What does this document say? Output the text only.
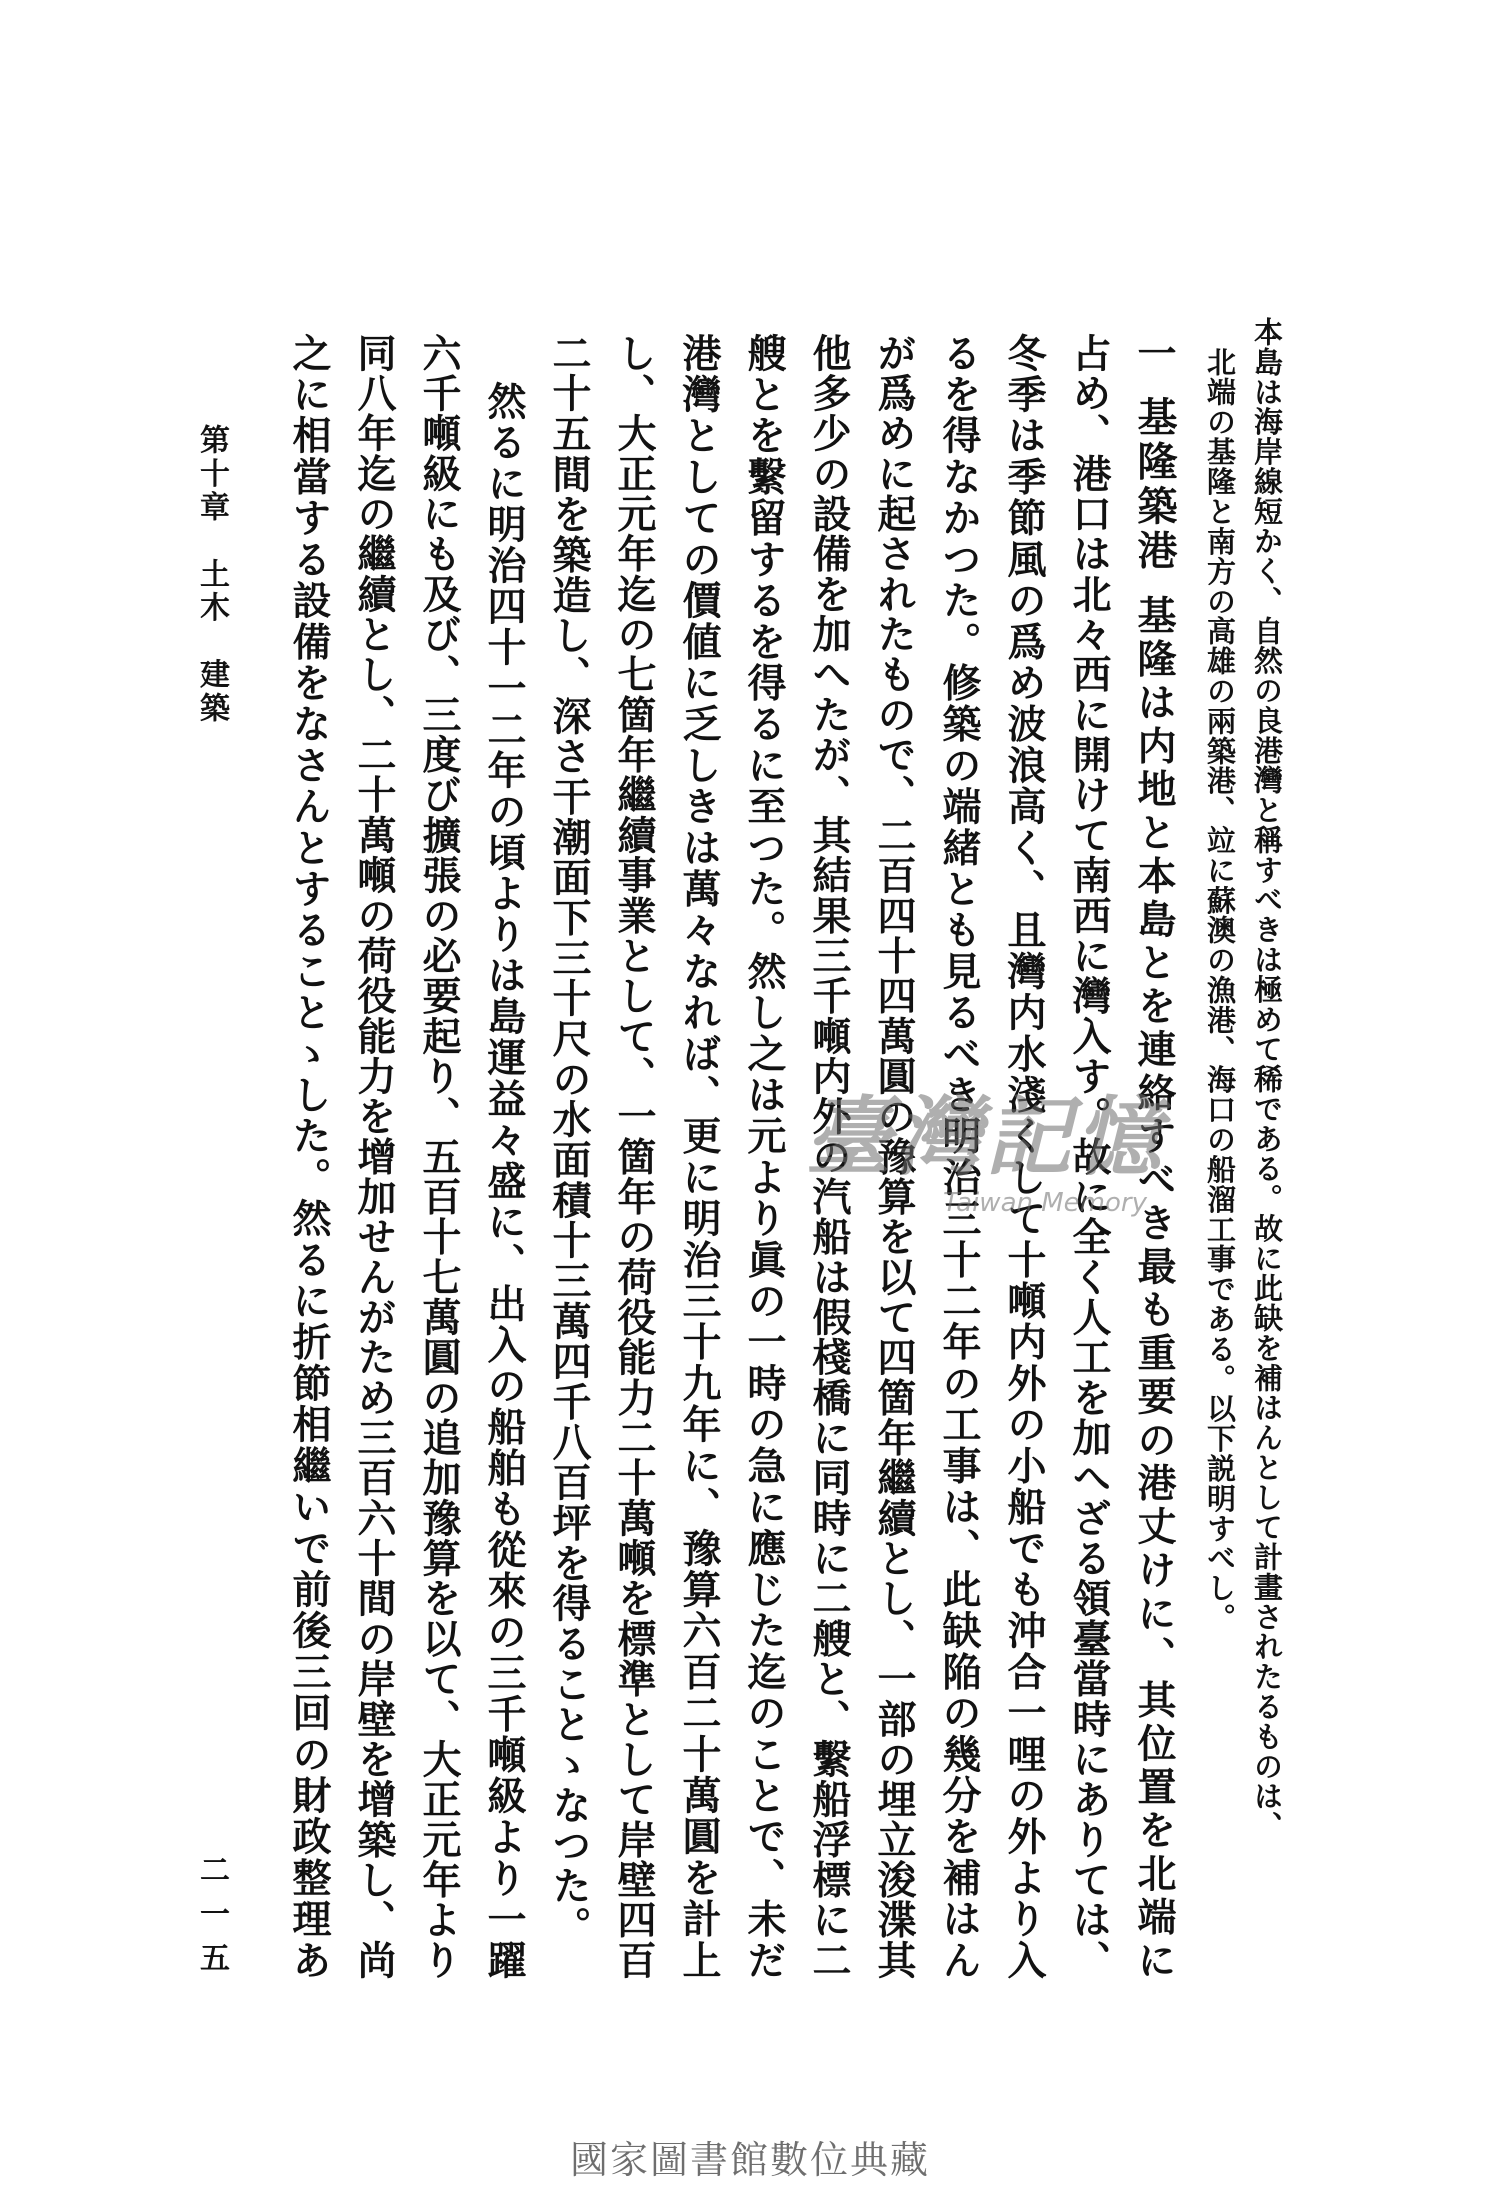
本島は海岸線短かく、自然の良港灣と稱すべきは極めて稀である。故に此缺を補はんとして計畫されたるものは、
北端の基隆と南方の高雄の兩築港、竝に蘇澳の漁港、海口の船溜工事である。以下説明すべし。
一基隆築港基隆は内地と本島とを連絡すべき最も重要の港丈けに、其位置を北端に
占め、港口は北々西に開けて南西に灣入す。故に全く人工を加へざる領臺當時にありては、
冬季は季節風の爲め波浪高く、且灣内水淺くして十噸内外の小船でも沖合一哩の外より入
るを得なかつた。修築の端緒とも見るべき明治三十二年の工事は、此缺陥の幾分を補はん
が爲めに起されたもので、二百四十四萬圓の豫算を以て四箇年繼續とし、一部の埋立浚渫其
他多少の設備を加へたが、其結果三千噸内外の汽船は假棧橋に同時に二艘と、繫船浮標に二
艘とを繫留するを得るに至つた。然し之は元より眞の一時の急に應じた迄のことで、未だ
港灣としての價値に乏しきは萬々なれば、更に明治三十九年に、豫算六百二十萬圓を計上
し、大正元年迄の七箇年繼續事業として、一箇年の荷役能力二十萬噸を標準として岸壁四百
二十五間を築造し、深さ干潮面下三十尺の水面積十三萬四千八百坪を得ることゝなつた。
然るに明治四十一二年の頃よりは島運益々盛に、出入の船舶も從來の三千噸級より一躍
六千噸級にも及び、三度び擴張の必要起り、五百十七萬圓の追加豫算を以て、大正元年より
同八年迄の繼續とし、二十萬噸の荷役能力を增加せんがため三百六十間の岸壁を增築し、尚
之に相當する設備をなさんとすることゝした。然るに折節相繼いで前後三回の財政整理あ
第十章　土木　建築
二一五
臺灣記憶
Taiwan Memory
國家圖書館數位典藏
